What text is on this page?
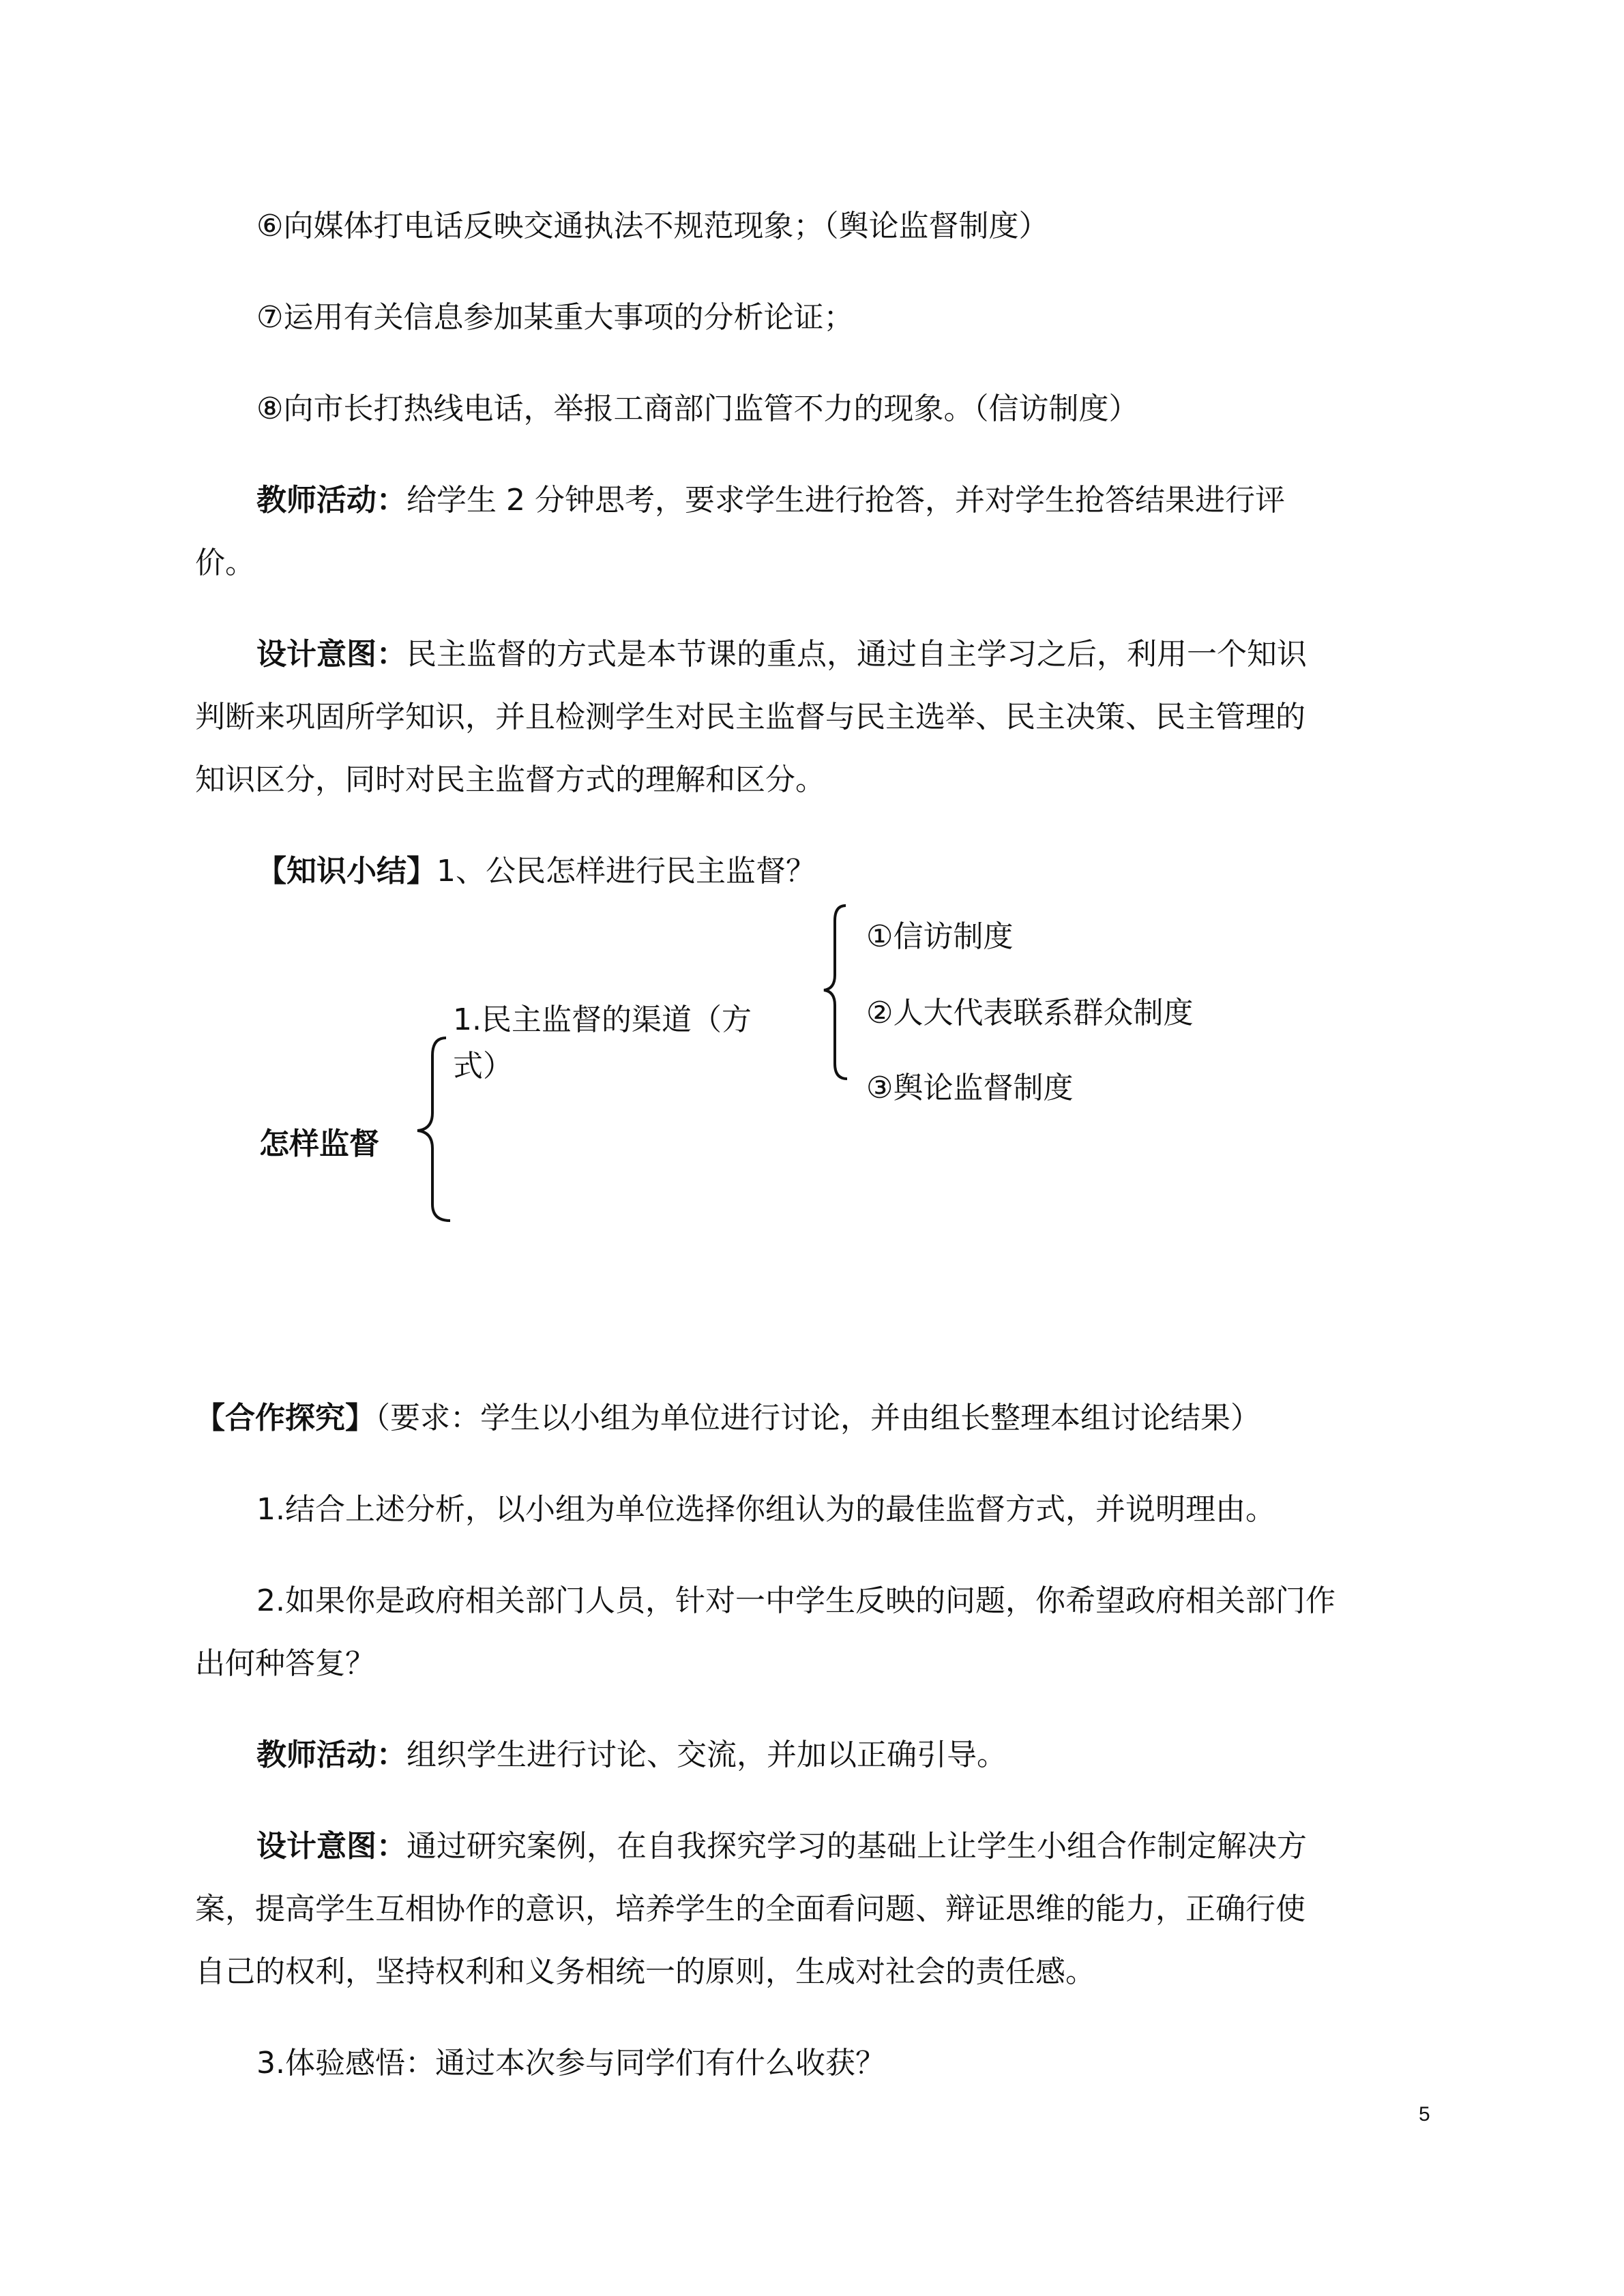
⑥向媒体打电话反映交通执法不规范现象；（舆论监督制度）
⑦运用有关信息参加某重大事项的分析论证；
⑧向市长打热线电话，举报工商部门监管不力的现象。（信访制度）
教师活动：给学生 2 分钟思考，要求学生进行抢答，并对学生抢答结果进行评
价。
设计意图：民主监督的方式是本节课的重点，通过自主学习之后，利用一个知识
判断来巩固所学知识，并且检测学生对民主监督与民主选举、民主决策、民主管理的
知识区分，同时对民主监督方式的理解和区分。
【知识小结】1、公民怎样进行民主监督？
怎样监督
1.民主监督的渠道（方
式）
①信访制度
②人大代表联系群众制度
③舆论监督制度
【合作探究】（要求：学生以小组为单位进行讨论，并由组长整理本组讨论结果）
1.结合上述分析，以小组为单位选择你组认为的最佳监督方式，并说明理由。
2.如果你是政府相关部门人员，针对一中学生反映的问题，你希望政府相关部门作
出何种答复？
教师活动：组织学生进行讨论、交流，并加以正确引导。
设计意图：通过研究案例，在自我探究学习的基础上让学生小组合作制定解决方
案，提高学生互相协作的意识，培养学生的全面看问题、辩证思维的能力，正确行使
自己的权利，坚持权利和义务相统一的原则，生成对社会的责任感。
3.体验感悟：通过本次参与同学们有什么收获？
5
